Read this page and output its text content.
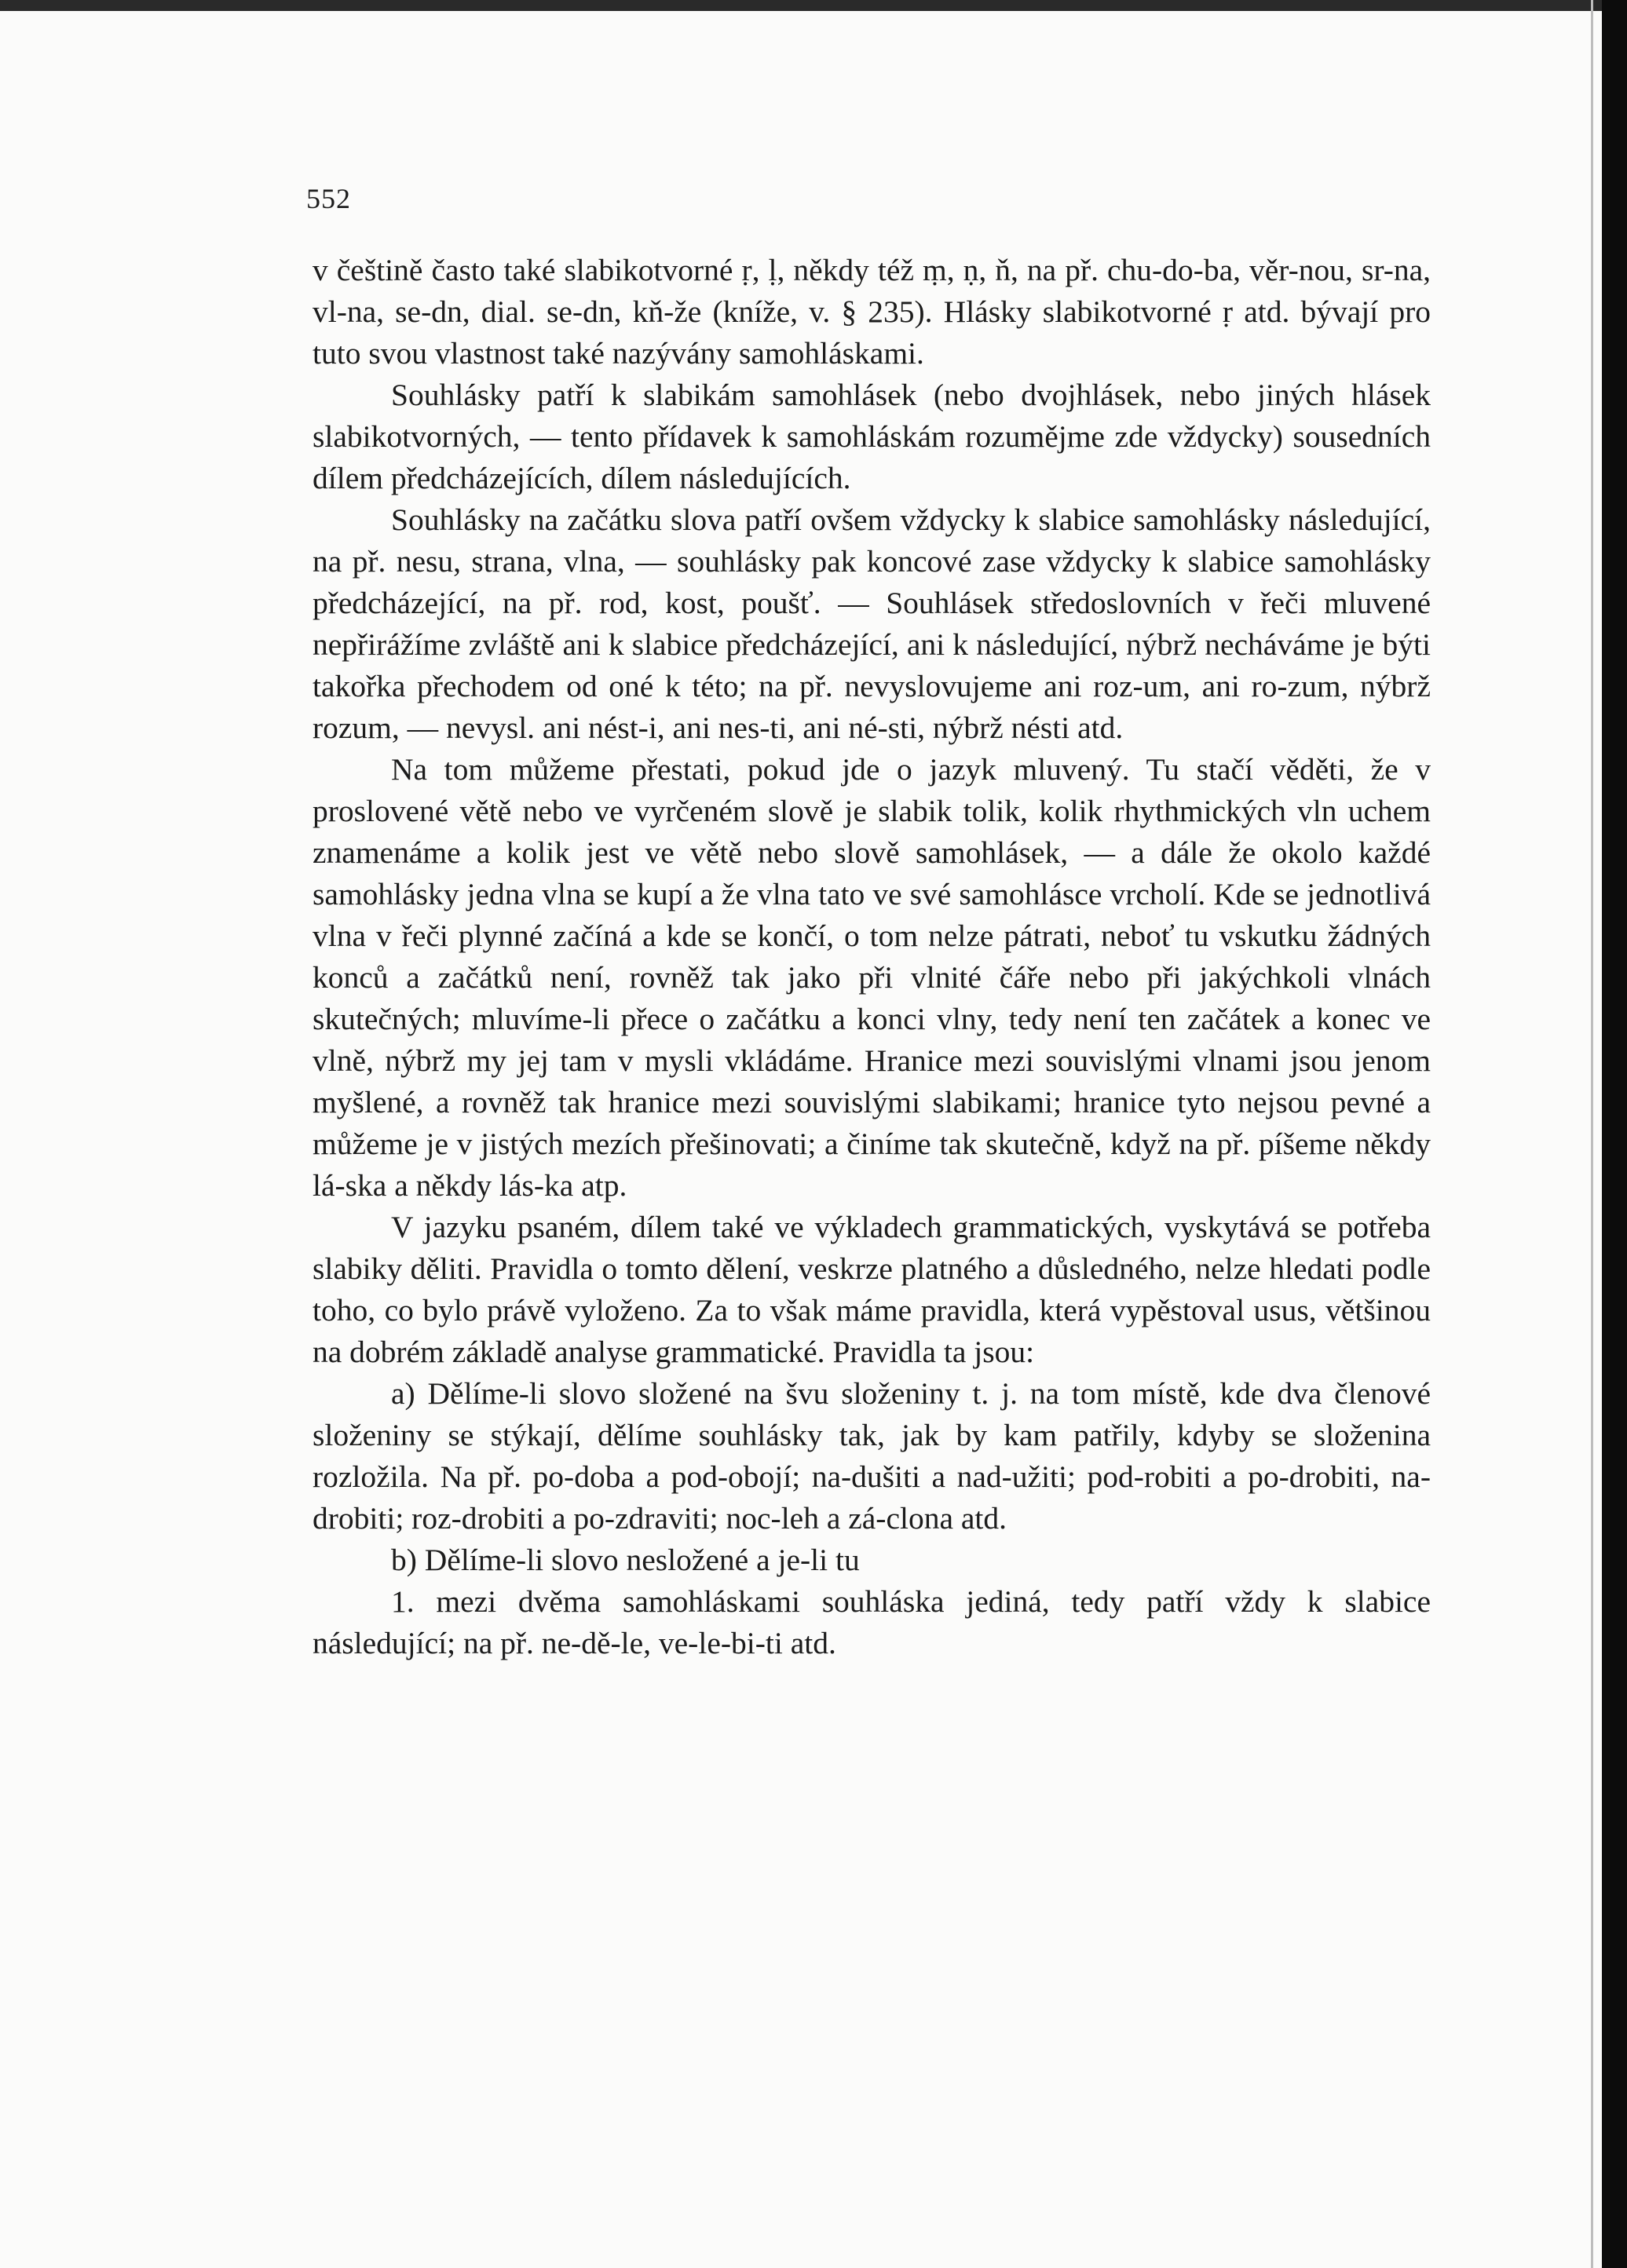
552

v češtině často také slabikotvorné ṛ, ḷ, někdy též ṃ, ṇ, ň, na př. chu-do-ba, věr-nou, sr-na, vl-na, se-dn, dial. se-dn, kň-že (kníže, v. § 235). Hlásky slabikotvorné ṛ atd. bývají pro tuto svou vlastnost také nazývány samohláskami.

Souhlásky patří k slabikám samohlásek (nebo dvojhlásek, nebo jiných hlásek slabikotvorných, — tento přídavek k samohláskám rozumějme zde vždycky) sousedních dílem předcházejících, dílem následujících.

Souhlásky na začátku slova patří ovšem vždycky k slabice samohlásky následující, na př. nesu, strana, vlna, — souhlásky pak koncové zase vždycky k slabice samohlásky předcházející, na př. rod, kost, poušť. — Souhlásek středoslovních v řeči mluvené nepřirážíme zvláště ani k slabice předcházející, ani k následující, nýbrž necháváme je býti takořka přechodem od oné k této; na př. nevyslovujeme ani roz-um, ani ro-zum, nýbrž rozum, — nevysl. ani nést-i, ani nes-ti, ani né-sti, nýbrž nésti atd.

Na tom můžeme přestati, pokud jde o jazyk mluvený. Tu stačí věděti, že v proslovené větě nebo ve vyrčeném slově je slabik tolik, kolik rhythmických vln uchem znamenáme a kolik jest ve větě nebo slově samohlásek, — a dále že okolo každé samohlásky jedna vlna se kupí a že vlna tato ve své samohlásce vrcholí. Kde se jednotlivá vlna v řeči plynné začíná a kde se končí, o tom nelze pátrati, neboť tu vskutku žádných konců a začátků není, rovněž tak jako při vlnité čáře nebo při jakýchkoli vlnách skutečných; mluvíme-li přece o začátku a konci vlny, tedy není ten začátek a konec ve vlně, nýbrž my jej tam v mysli vkládáme. Hranice mezi souvislými vlnami jsou jenom myšlené, a rovněž tak hranice mezi souvislými slabikami; hranice tyto nejsou pevné a můžeme je v jistých mezích přešinovati; a činíme tak skutečně, když na př. píšeme někdy lá-ska a někdy lás-ka atp.

V jazyku psaném, dílem také ve výkladech grammatických, vyskytává se potřeba slabiky děliti. Pravidla o tomto dělení, veskrze platného a důsledného, nelze hledati podle toho, co bylo právě vyloženo. Za to však máme pravidla, která vypěstoval usus, většinou na dobrém základě analyse grammatické. Pravidla ta jsou:

a) Dělíme-li slovo složené na švu složeniny t. j. na tom místě, kde dva členové složeniny se stýkají, dělíme souhlásky tak, jak by kam patřily, kdyby se složenina rozložila. Na př. po-doba a pod-obojí; na-dušiti a nad-užiti; pod-robiti a po-drobiti, na-drobiti; roz-drobiti a po-zdraviti; noc-leh a zá-clona atd.

b) Dělíme-li slovo nesložené a je-li tu

1. mezi dvěma samohláskami souhláska jediná, tedy patří vždy k slabice následující; na př. ne-dě-le, ve-le-bi-ti atd.
